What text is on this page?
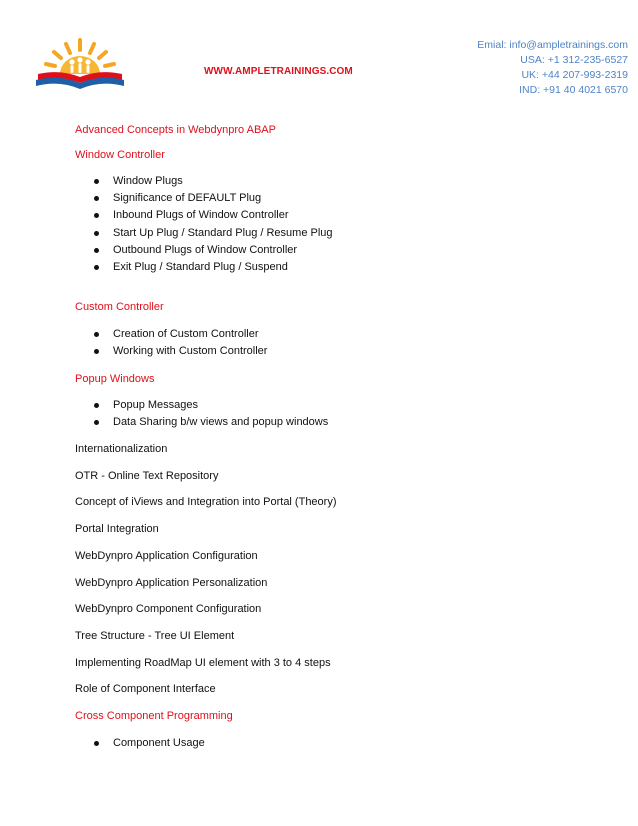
WWW.AMPLETRAININGS.COM
Emial: info@ampletrainings.com
USA: +1 312-235-6527
UK: +44 207-993-2319
IND: +91 40 4021 6570
Advanced Concepts in Webdynpro ABAP
Window Controller
Window Plugs
Significance of DEFAULT Plug
Inbound Plugs of Window Controller
Start Up Plug / Standard Plug / Resume Plug
Outbound Plugs of Window Controller
Exit Plug / Standard Plug / Suspend
Custom Controller
Creation of Custom Controller
Working with Custom Controller
Popup Windows
Popup Messages
Data Sharing b/w views and popup windows
Internationalization
OTR - Online Text Repository
Concept of iViews and Integration into Portal (Theory)
Portal Integration
WebDynpro Application Configuration
WebDynpro Application Personalization
WebDynpro Component Configuration
Tree Structure - Tree UI Element
Implementing RoadMap UI element with 3 to 4 steps
Role of Component Interface
Cross Component Programming
Component Usage
